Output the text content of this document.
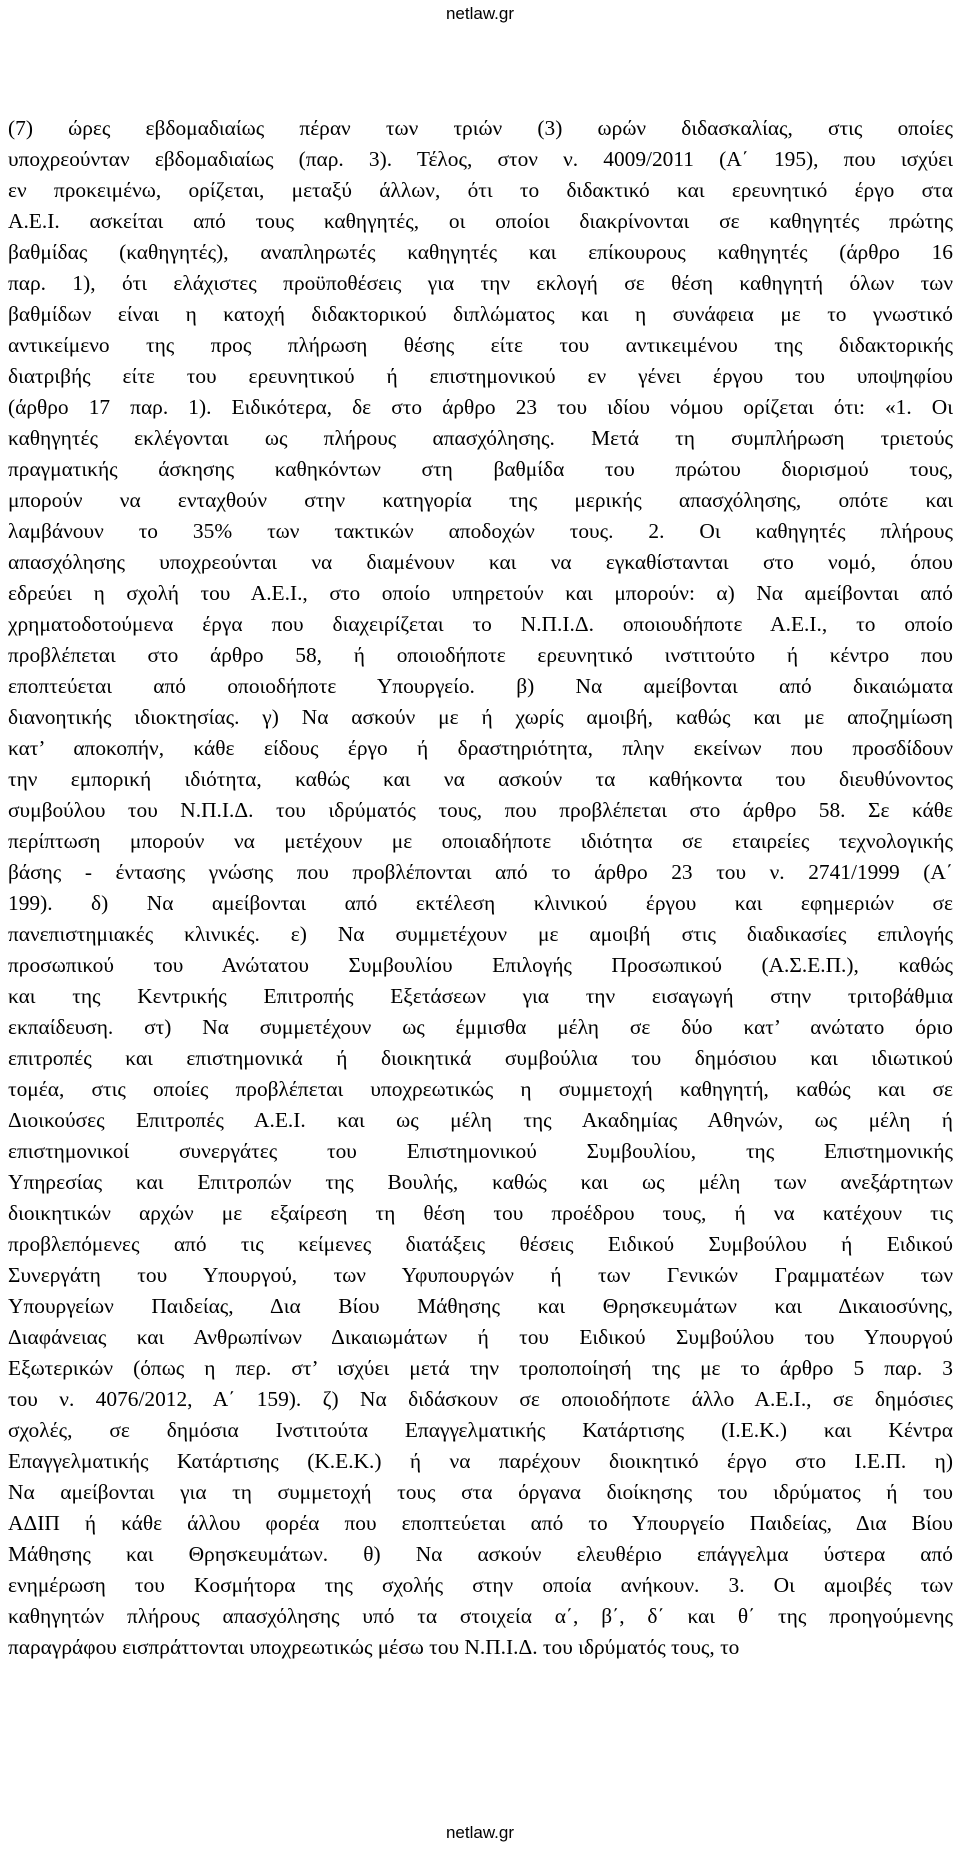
netlaw.gr
(7) ώρες εβδομαδιαίως πέραν των τριών (3) ωρών διδασκαλίας, στις οποίες
υποχρεούνταν εβδομαδιαίως (παρ. 3). Τέλος, στον ν. 4009/2011 (Α΄ 195), που ισχύει
εν προκειμένω, ορίζεται, μεταξύ άλλων, ότι το διδακτικό και ερευνητικό έργο στα
Α.Ε.Ι. ασκείται από τους καθηγητές, οι οποίοι διακρίνονται σε καθηγητές πρώτης
βαθμίδας (καθηγητές), αναπληρωτές καθηγητές και επίκουρους καθηγητές (άρθρο 16
παρ. 1), ότι ελάχιστες προϋποθέσεις για την εκλογή σε θέση καθηγητή όλων των
βαθμίδων είναι η κατοχή διδακτορικού διπλώματος και η συνάφεια με το γνωστικό
αντικείμενο της προς πλήρωση θέσης είτε του αντικειμένου της διδακτορικής
διατριβής είτε του ερευνητικού ή επιστημονικού εν γένει έργου του υποψηφίου
(άρθρο 17 παρ. 1). Ειδικότερα, δε στο άρθρο 23 του ιδίου νόμου ορίζεται ότι: «1. Οι
καθηγητές εκλέγονται ως πλήρους απασχόλησης. Μετά τη συμπλήρωση τριετούς
πραγματικής άσκησης καθηκόντων στη βαθμίδα του πρώτου διορισμού τους,
μπορούν να ενταχθούν στην κατηγορία της μερικής απασχόλησης, οπότε και
λαμβάνουν το 35% των τακτικών αποδοχών τους. 2. Οι καθηγητές πλήρους
απασχόλησης υποχρεούνται να διαμένουν και να εγκαθίστανται στο νομό, όπου
εδρεύει η σχολή του Α.Ε.Ι., στο οποίο υπηρετούν και μπορούν: α) Να αμείβονται από
χρηματοδοτούμενα έργα που διαχειρίζεται το Ν.Π.Ι.Δ. οποιουδήποτε Α.Ε.Ι., το οποίο
προβλέπεται στο άρθρο 58, ή οποιοδήποτε ερευνητικό ινστιτούτο ή κέντρο που
εποπτεύεται από οποιοδήποτε Υπουργείο. β) Να αμείβονται από δικαιώματα
διανοητικής ιδιοκτησίας. γ) Να ασκούν με ή χωρίς αμοιβή, καθώς και με αποζημίωση
κατ’ αποκοπήν, κάθε είδους έργο ή δραστηριότητα, πλην εκείνων που προσδίδουν
την εμπορική ιδιότητα, καθώς και να ασκούν τα καθήκοντα του διευθύνοντος
συμβούλου του Ν.Π.Ι.Δ. του ιδρύματός τους, που προβλέπεται στο άρθρο 58. Σε κάθε
περίπτωση μπορούν να μετέχουν με οποιαδήποτε ιδιότητα σε εταιρείες τεχνολογικής
βάσης - έντασης γνώσης που προβλέπονται από το άρθρο 23 του ν. 2741/1999 (Α΄
199). δ) Να αμείβονται από εκτέλεση κλινικού έργου και εφημεριών σε
πανεπιστημιακές κλινικές. ε) Να συμμετέχουν με αμοιβή στις διαδικασίες επιλογής
προσωπικού του Ανώτατου Συμβουλίου Επιλογής Προσωπικού (Α.Σ.Ε.Π.), καθώς
και της Κεντρικής Επιτροπής Εξετάσεων για την εισαγωγή στην τριτοβάθμια
εκπαίδευση. στ) Να συμμετέχουν ως έμμισθα μέλη σε δύο κατ’ ανώτατο όριο
επιτροπές και επιστημονικά ή διοικητικά συμβούλια του δημόσιου και ιδιωτικού
τομέα, στις οποίες προβλέπεται υποχρεωτικώς η συμμετοχή καθηγητή, καθώς και σε
Διοικούσες Επιτροπές Α.Ε.Ι. και ως μέλη της Ακαδημίας Αθηνών, ως μέλη ή
επιστημονικοί συνεργάτες του Επιστημονικού Συμβουλίου, της Επιστημονικής
Υπηρεσίας και Επιτροπών της Βουλής, καθώς και ως μέλη των ανεξάρτητων
διοικητικών αρχών με εξαίρεση τη θέση του προέδρου τους, ή να κατέχουν τις
προβλεπόμενες από τις κείμενες διατάξεις θέσεις Ειδικού Συμβούλου ή Ειδικού
Συνεργάτη του Υπουργού, των Υφυπουργών ή των Γενικών Γραμματέων των
Υπουργείων Παιδείας, Δια Βίου Μάθησης και Θρησκευμάτων και Δικαιοσύνης,
Διαφάνειας και Ανθρωπίνων Δικαιωμάτων ή του Ειδικού Συμβούλου του Υπουργού
Εξωτερικών (όπως η περ. στ’ ισχύει μετά την τροποποίησή της με το άρθρο 5 παρ. 3
του ν. 4076/2012, Α΄ 159). ζ) Να διδάσκουν σε οποιοδήποτε άλλο Α.Ε.Ι., σε δημόσιες
σχολές, σε δημόσια Ινστιτούτα Επαγγελματικής Κατάρτισης (Ι.Ε.Κ.) και Κέντρα
Επαγγελματικής Κατάρτισης (Κ.Ε.Κ.) ή να παρέχουν διοικητικό έργο στο Ι.Ε.Π. η)
Να αμείβονται για τη συμμετοχή τους στα όργανα διοίκησης του ιδρύματος ή του
ΑΔΙΠ ή κάθε άλλου φορέα που εποπτεύεται από το Υπουργείο Παιδείας, Δια Βίου
Μάθησης και Θρησκευμάτων. θ) Να ασκούν ελευθέριο επάγγελμα ύστερα από
ενημέρωση του Κοσμήτορα της σχολής στην οποία ανήκουν. 3. Οι αμοιβές των
καθηγητών πλήρους απασχόλησης υπό τα στοιχεία α΄, β΄, δ΄ και θ΄ της προηγούμενης
παραγράφου εισπράττονται υποχρεωτικώς μέσω του Ν.Π.Ι.Δ. του ιδρύματός τους, το
netlaw.gr
